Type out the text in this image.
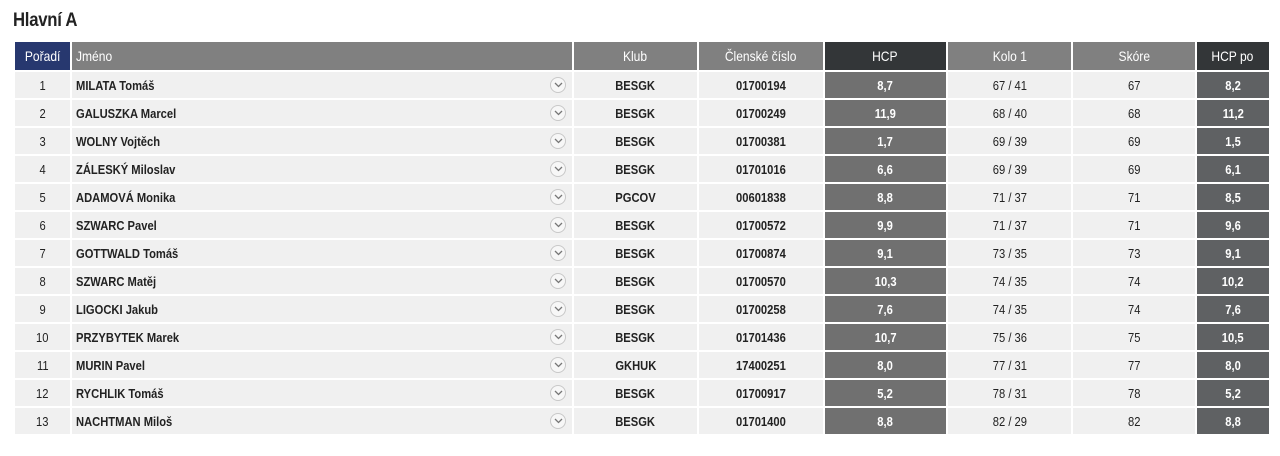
Hlavní A
Pořadí	Jméno	Klub	Členské číslo	HCP	Kolo 1	Skóre	HCP po
1	MILATA Tomáš	BESGK	01700194	8,7	67 / 41	67	8,2
2	GALUSZKA Marcel	BESGK	01700249	11,9	68 / 40	68	11,2
3	WOLNY Vojtěch	BESGK	01700381	1,7	69 / 39	69	1,5
4	ZÁLESKÝ Miloslav	BESGK	01701016	6,6	69 / 39	69	6,1
5	ADAMOVÁ Monika	PGCOV	00601838	8,8	71 / 37	71	8,5
6	SZWARC Pavel	BESGK	01700572	9,9	71 / 37	71	9,6
7	GOTTWALD Tomáš	BESGK	01700874	9,1	73 / 35	73	9,1
8	SZWARC Matěj	BESGK	01700570	10,3	74 / 35	74	10,2
9	LIGOCKI Jakub	BESGK	01700258	7,6	74 / 35	74	7,6
10	PRZYBYTEK Marek	BESGK	01701436	10,7	75 / 36	75	10,5
11	MURIN Pavel	GKHUK	17400251	8,0	77 / 31	77	8,0
12	RYCHLIK Tomáš	BESGK	01700917	5,2	78 / 31	78	5,2
13	NACHTMAN Miloš	BESGK	01701400	8,8	82 / 29	82	8,8
